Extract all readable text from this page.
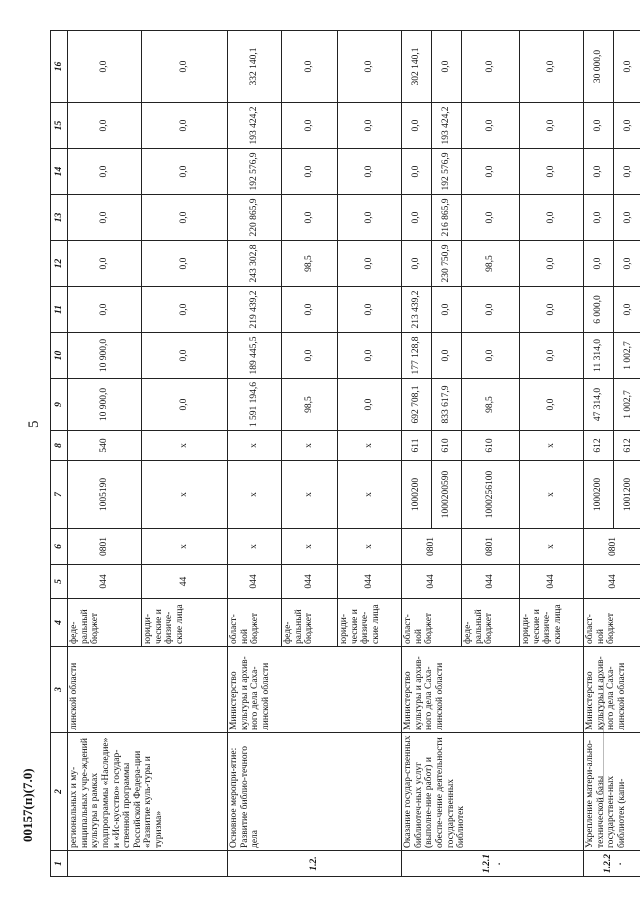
5
1	2	3	4	5	6	7	8	9	10	11	12	13	14	15	16
	региональных и му-ниципальных учре-ждений культуры в рамках подпрограммы «Наследие» и «Ис-кусство» государ-ственной программы Российской Федера-ции «Развитие куль-туры и туризма»	линской области	феде-ральный бюджет	044	0801	1005190	540	10 900,0	10 900,0	0,0	0,0	0,0	0,0	0,0	0,0
			юриди-ческие и физиче-ские лица	44	х	х	х	0,0	0,0	0,0	0,0	0,0	0,0	0,0	0,0
1.2.	Основное меропри-ятие: Развитие библио-течного дела	Министерство культуры и архив-ного дела Саха-линской области	област-ной бюджет	044	х	х	х	1 591 194,6	189 445,5	219 439,2	243 302,8	220 865,9	192 576,9	193 424,2	332 140,1
			феде-ральный бюджет	044	х	х	х	98,5	0,0	0,0	98,5	0,0	0,0	0,0	0,0
			юриди-ческие и физиче-ские лица	044	х	х	х	0,0	0,0	0,0	0,0	0,0	0,0	0,0	0,0
1.2.1.	Оказание государ-ственных библиотеч-ных услуг (выполне-ние работ) и обеспе-чение деятельности государственных библиотек	Министерство культуры и архив-ного дела Саха-линской области	област-ной бюджет	044	0801	1000200	611	692 708,1	177 128,8	213 439,2	0,0	0,0	0,0	0,0	302 140,1
						1000200590	610	833 617,9	0,0	0,0	230 750,9	216 865,9	192 576,9	193 424,2	0,0
			феде-ральный бюджет	044	0801	1000256100	610	98,5	0,0	0,0	98,5	0,0	0,0	0,0	0,0
			юриди-ческие и физиче-ские лица	044	х	х	х	0,0	0,0	0,0	0,0	0,0	0,0	0,0	0,0
1.2.2.	Укрепление матери-ально-технической базы государствен-ных библиотек (капи-	Министерство культуры и архив-ного дела Саха-линской области	област-ной бюджет	044	0801	1000200	612	47 314,0	11 314,0	6 000,0	0,0	0,0	0,0	0,0	30 000,0
						1001200	612	1 002,7	1 002,7	0,0	0,0	0,0	0,0	0,0	0,0
00157(п)(7.0)
